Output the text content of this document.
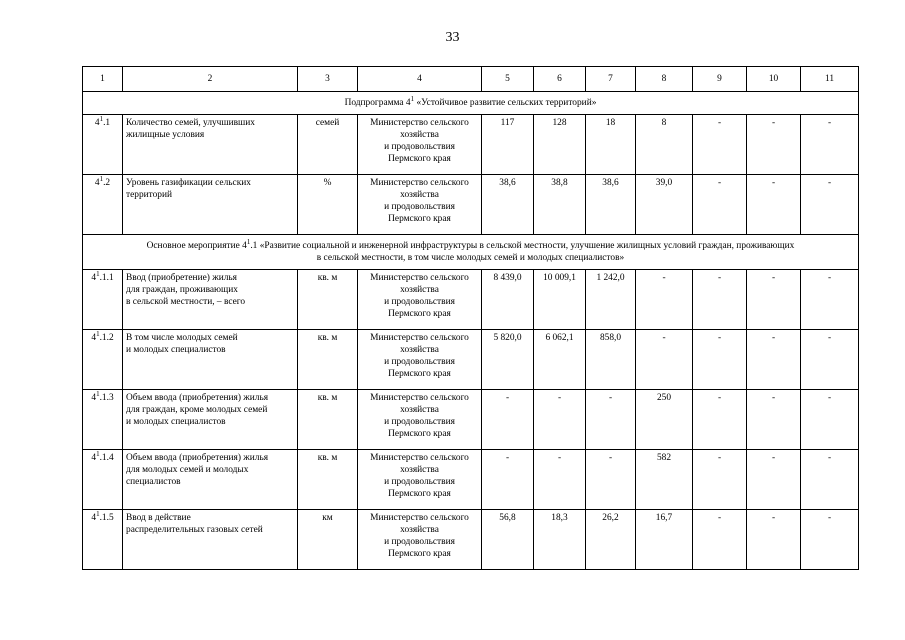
33
1	2	3	4	5	6	7	8	9	10	11
Подпрограмма $4^1$ «Устойчивое развитие сельских территорий»										
$4^1.1$	Количество семей, улучшивших
жилищные условия	семей	Министерство сельского
хозяйства
и продовольствия
Пермского края	117	128	18	8	-	-	-
$4^1.2$	Уровень газификации сельских
территорий	%	Министерство сельского
хозяйства
и продовольствия
Пермского края	38,6	38,8	38,6	39,0	-	-	-
Основное мероприятие $4^1.1$ «Развитие социальной и инженерной инфраструктуры в сельской местности, улучшение жилищных условий граждан, проживающих
в сельской местности, в том числе молодых семей и молодых специалистов»										
$4^1.1.1$	Ввод (приобретение) жилья
для граждан, проживающих
в сельской местности, – всего	кв. м	Министерство сельского
хозяйства
и продовольствия
Пермского края	8 439,0	10 009,1	1 242,0	-	-	-	-
$4^1.1.2$	В том числе молодых семей
и молодых специалистов	кв. м	Министерство сельского
хозяйства
и продовольствия
Пермского края	5 820,0	6 062,1	858,0	-	-	-	-
$4^1.1.3$	Объем ввода (приобретения) жилья
для граждан, кроме молодых семей
и молодых специалистов	кв. м	Министерство сельского
хозяйства
и продовольствия
Пермского края	-	-	-	250	-	-	-
$4^1.1.4$	Объем ввода (приобретения) жилья
для молодых семей и молодых
специалистов	кв. м	Министерство сельского
хозяйства
и продовольствия
Пермского края	-	-	-	582	-	-	-
$4^1.1.5$	Ввод в действие
распределительных газовых сетей	км	Министерство сельского
хозяйства
и продовольствия
Пермского края	56,8	18,3	26,2	16,7	-	-	-
